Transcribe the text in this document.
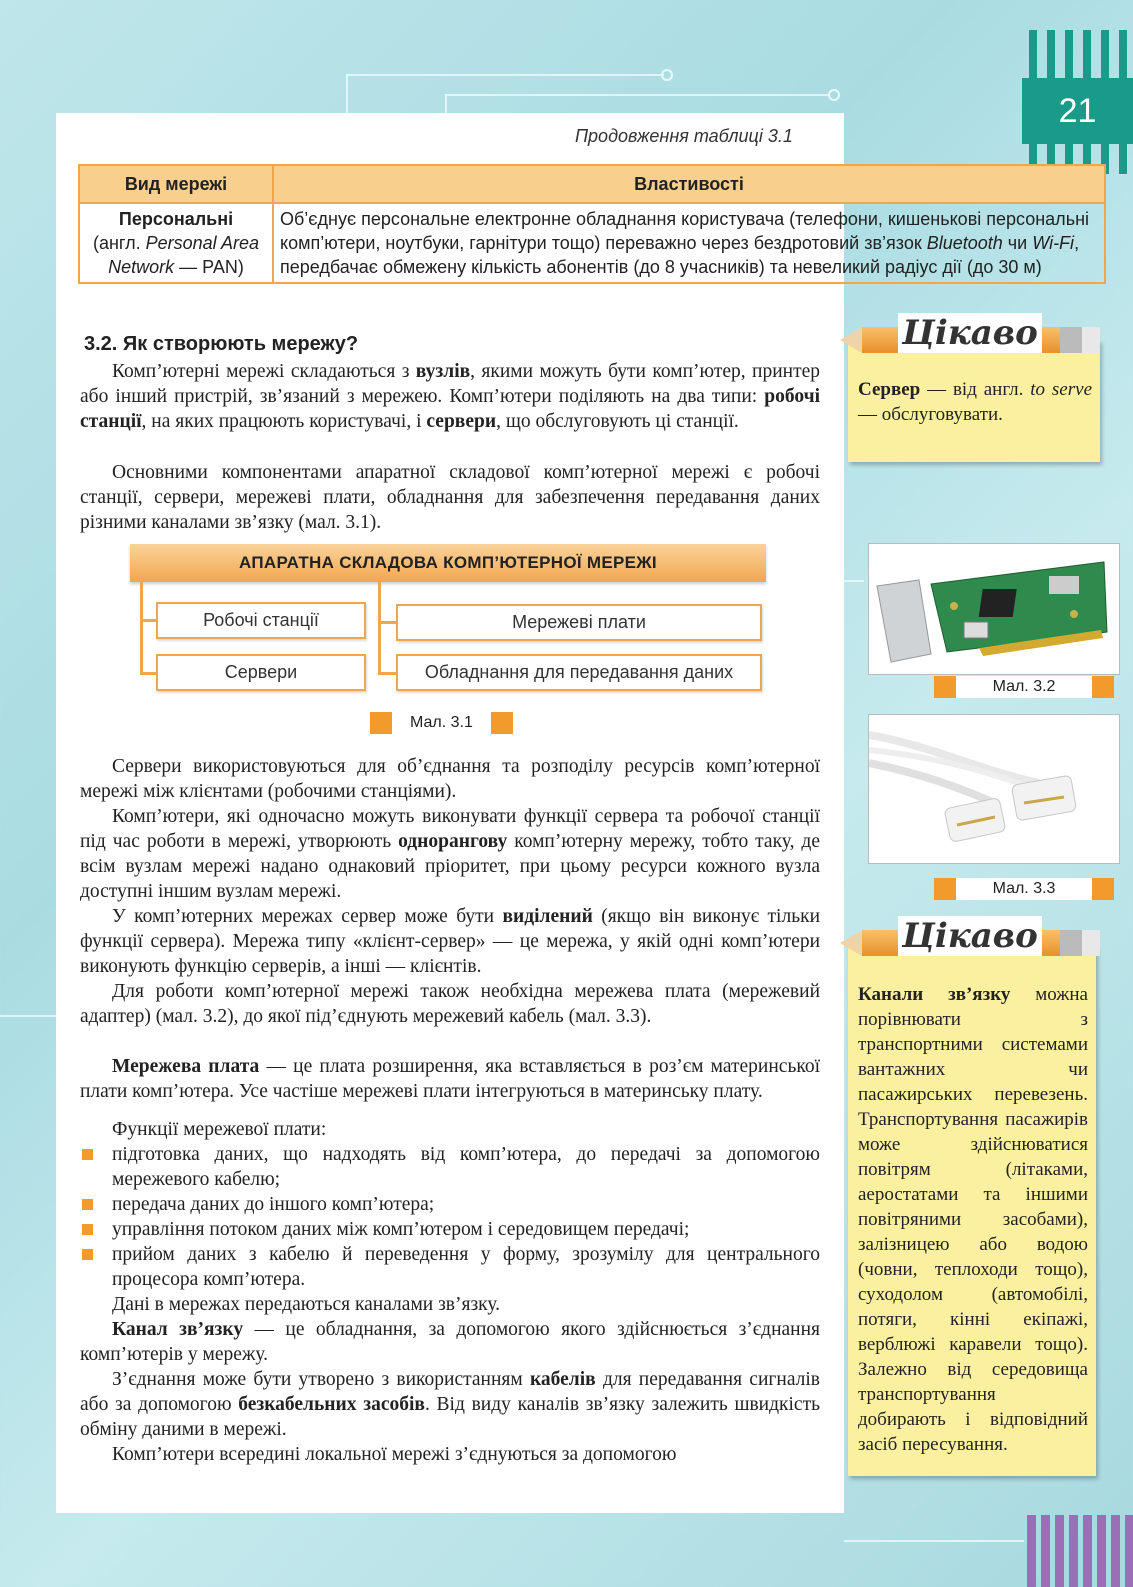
21
Продовження таблиці 3.1
Вид мережі	Властивості
Персональні
(англ. Personal Area Network — PAN)	Об’єднує персональне електронне обладнання користувача (телефони, кишенькові персональні комп’ютери, ноутбуки, гарнітури тощо) переважно через бездротовий зв’язок Bluetooth чи Wi-Fi, передбачає обмежену кількість абонентів (до 8 учасників) та невеликий радіус дії (до 30 м)
3.2. Як створюють мережу?
Комп’ютерні мережі складаються з вузлів, якими можуть бути комп’ютер, принтер або інший пристрій, зв’язаний з мережею. Комп’ютери поділяють на два типи: робочі станції, на яких працюють користувачі, і сервери, що обслуговують ці станції.
Основними компонентами апаратної складової комп’ютерної мережі є робочі станції, сервери, мережеві плати, обладнання для забезпечення передавання даних різними каналами зв’язку (мал. 3.1).
АПАРАТНА СКЛАДОВА КОМП’ЮТЕРНОЇ МЕРЕЖІ
Робочі станції
Сервери
Мережеві плати
Обладнання для передавання даних
Мал. 3.1
Сервери використовуються для об’єднання та розподілу ресурсів комп’ютерної мережі між клієнтами (робочими станціями).
Комп’ютери, які одночасно можуть виконувати функції сервера та робочої станції під час роботи в мережі, утворюють однорангову комп’ютерну мережу, тобто таку, де всім вузлам мережі надано однаковий пріоритет, при цьому ресурси кожного вузла доступні іншим вузлам мережі.
У комп’ютерних мережах сервер може бути виділений (якщо він виконує тільки функції сервера). Мережа типу «клієнт-сервер» — це мережа, у якій одні комп’ютери виконують функцію серверів, а інші — клієнтів.
Для роботи комп’ютерної мережі також необхідна мережева плата (мережевий адаптер) (мал. 3.2), до якої під’єднують мережевий кабель (мал. 3.3).
Мережева плата — це плата розширення, яка вставляється в роз’єм материнської плати комп’ютера. Усе частіше мережеві плати інтегруються в материнську плату.
Функції мережевої плати:
підготовка даних, що надходять від комп’ютера, до передачі за допомогою мережевого кабелю;
передача даних до іншого комп’ютера;
управління потоком даних між комп’ютером і середовищем передачі;
прийом даних з кабелю й переведення у форму, зрозумілу для центрального процесора комп’ютера.
Дані в мережах передаються каналами зв’язку.
Канал зв’язку — це обладнання, за допомогою якого здійснюється з’єднання комп’ютерів у мережу.
З’єднання може бути утворено з використанням кабелів для передавання сигналів або за допомогою безкабельних засобів. Від виду каналів зв’язку залежить швидкість обміну даними в мережі.
Комп’ютери всередині локальної мережі з’єднуються за допомогою
Цікаво
Сервер — від англ. to serve — обслуговувати.
Мал. 3.2
Мал. 3.3
Цікаво
Канали зв’язку можна порівнювати з транспортними системами вантажних чи пасажирських перевезень. Транспортування пасажирів може здійснюватися повітрям (літаками, аеростатами та іншими повітряними засобами), залізницею або водою (човни, теплоходи тощо), суходолом (автомобілі, потяги, кінні екіпажі, верблюжі каравели тощо). Залежно від середовища транспортування добирають і відповідний засіб пересування.
